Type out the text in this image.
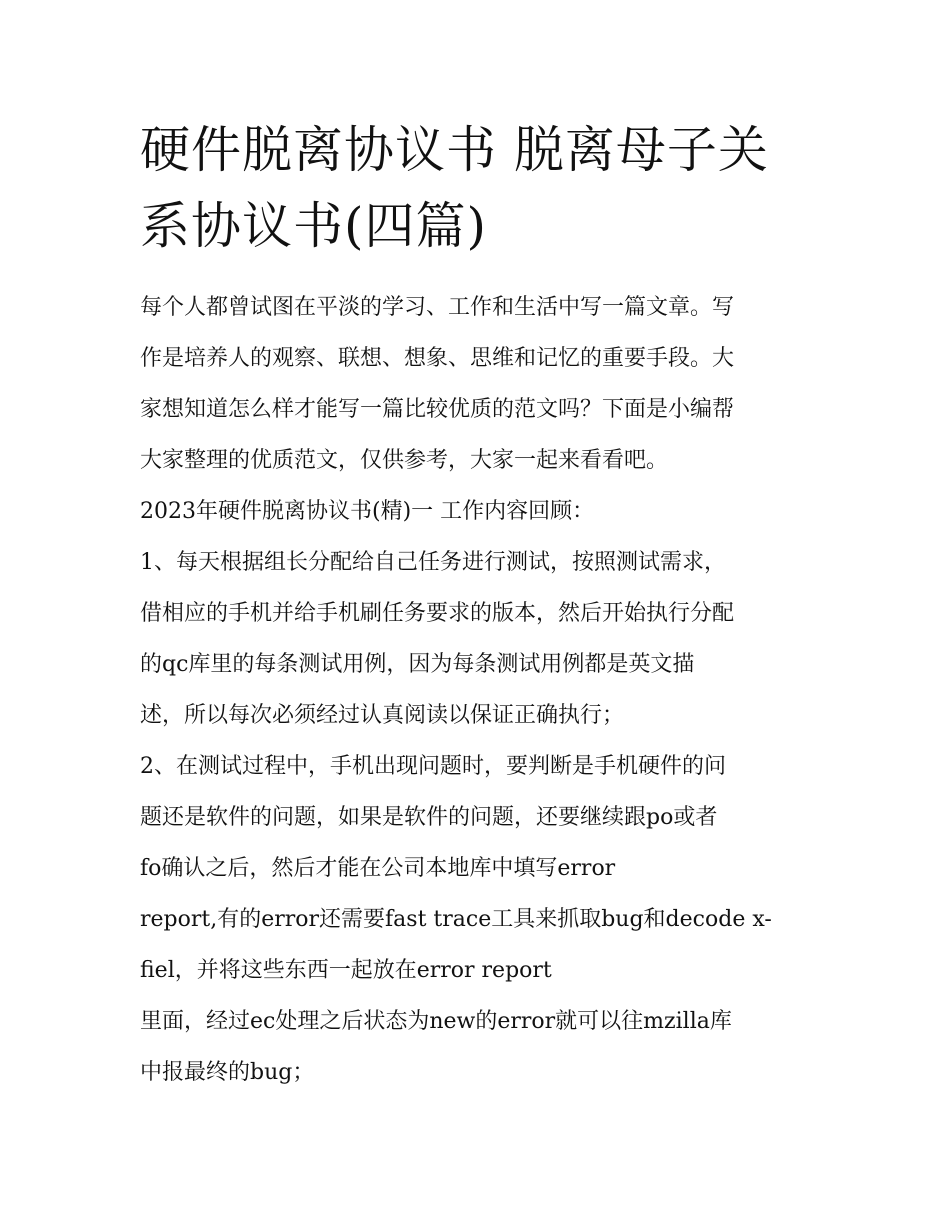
硬件脱离协议书 脱离母子关系协议书(四篇)
每个人都曾试图在平淡的学习、工作和生活中写一篇文章。写
作是培养人的观察、联想、想象、思维和记忆的重要手段。大
家想知道怎么样才能写一篇比较优质的范文吗？下面是小编帮
大家整理的优质范文，仅供参考，大家一起来看看吧。
2023年硬件脱离协议书(精)一 工作内容回顾：
1、每天根据组长分配给自己任务进行测试，按照测试需求，
借相应的手机并给手机刷任务要求的版本，然后开始执行分配
的qc库里的每条测试用例，因为每条测试用例都是英文描
述，所以每次必须经过认真阅读以保证正确执行；
2、在测试过程中，手机出现问题时，要判断是手机硬件的问
题还是软件的问题，如果是软件的问题，还要继续跟po或者
fo确认之后，然后才能在公司本地库中填写error
report,有的error还需要fast trace工具来抓取bug和decode x-
fiel，并将这些东西一起放在error report
里面，经过ec处理之后状态为new的error就可以往mzilla库
中报最终的bug；
